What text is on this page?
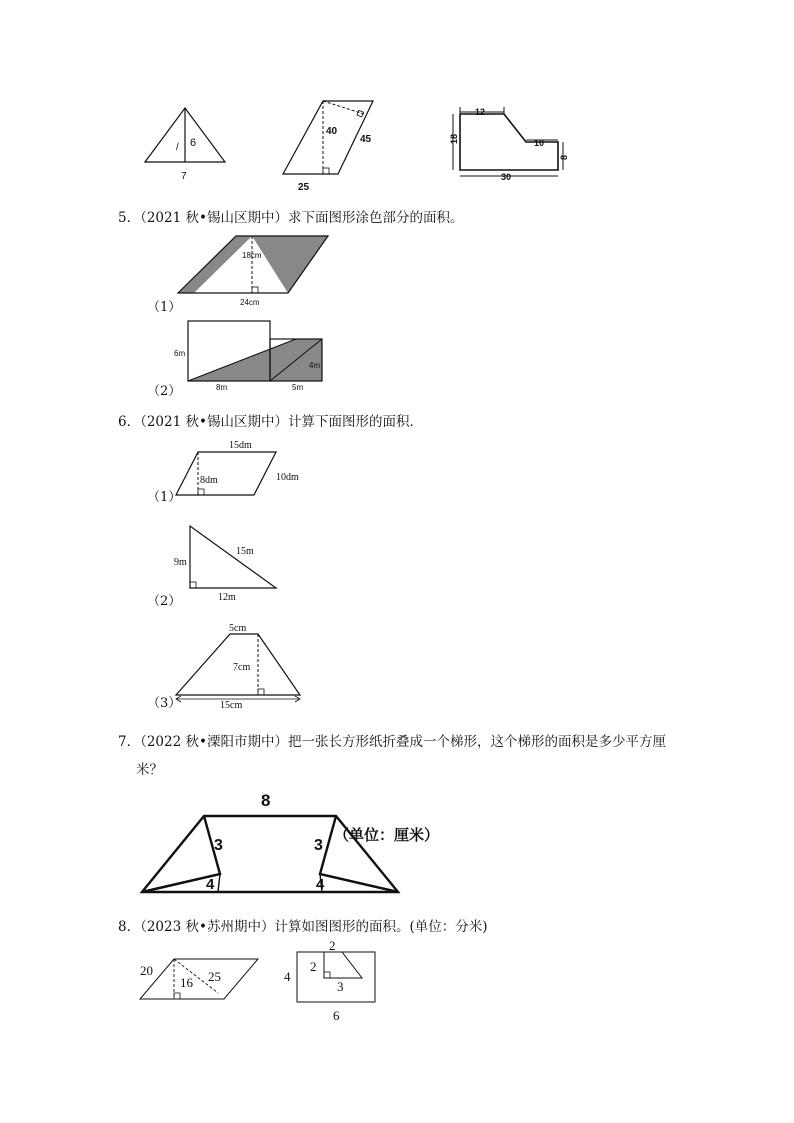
/ 6
7
40
45
25
12
18	10
8
30
5．（2021 秋•锡山区期中）求下面图形涂色部分的面积。
18cm
24cm
（1）
6m
4m
8m	5m
（2）
6．（2021 秋•锡山区期中）计算下面图形的面积．
15dm
8dm	10dm
（1）
9m
15m
12m
（2）
5cm
7cm
15cm
（3）
7．（2022 秋•溧阳市期中）把一张长方形纸折叠成一个梯形，这个梯形的面积是多少平方厘
米？
8
3	3
4	4
（单位：厘米）
8．（2023 秋•苏州期中）计算如图图形的面积。(单位：分米)
20
16 25	4
2
2
3
6
